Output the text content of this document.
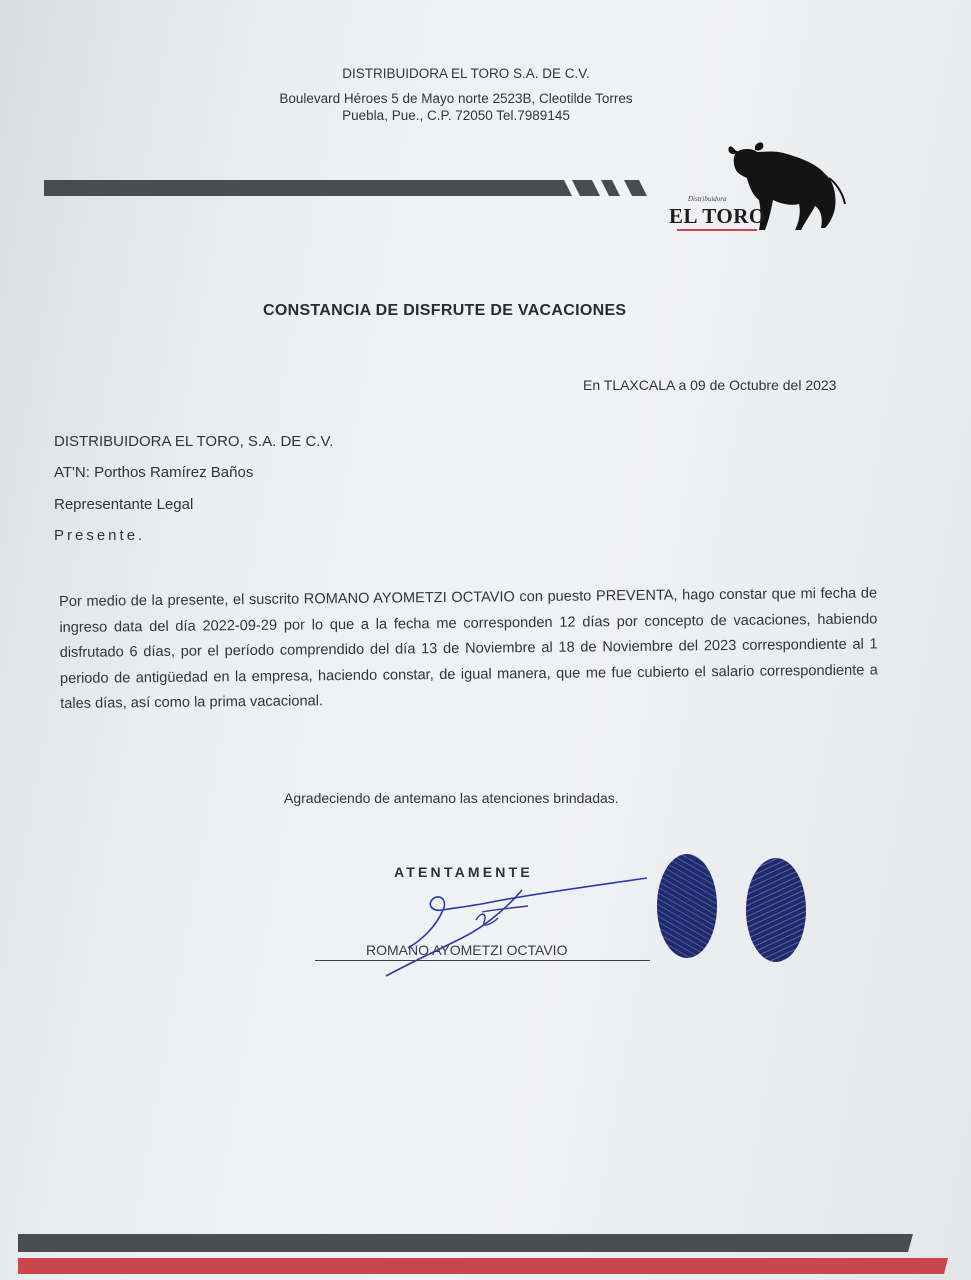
DISTRIBUIDORA EL TORO S.A. DE C.V.
Boulevard Héroes 5 de Mayo norte 2523B, Cleotilde Torres
Puebla, Pue., C.P. 72050 Tel.7989145
Distribuidora
EL TORO
CONSTANCIA DE DISFRUTE DE VACACIONES
En TLAXCALA a 09 de Octubre del 2023
DISTRIBUIDORA EL TORO, S.A. DE C.V.
AT'N: Porthos Ramírez Baños
Representante Legal
Presente.
Por medio de la presente, el suscrito ROMANO AYOMETZI OCTAVIO con puesto PREVENTA, hago constar que mi fecha de ingreso data del día 2022-09-29 por lo que a la fecha me corresponden 12 días por concepto de vacaciones, habiendo disfrutado 6 días, por el período comprendido del día 13 de Noviembre al 18 de Noviembre del 2023 correspondiente al 1 periodo de antigüedad en la empresa, haciendo constar, de igual manera, que me fue cubierto el salario correspondiente a tales días, así como la prima vacacional.
Agradeciendo de antemano las atenciones brindadas.
ATENTAMENTE
ROMANO AYOMETZI OCTAVIO
